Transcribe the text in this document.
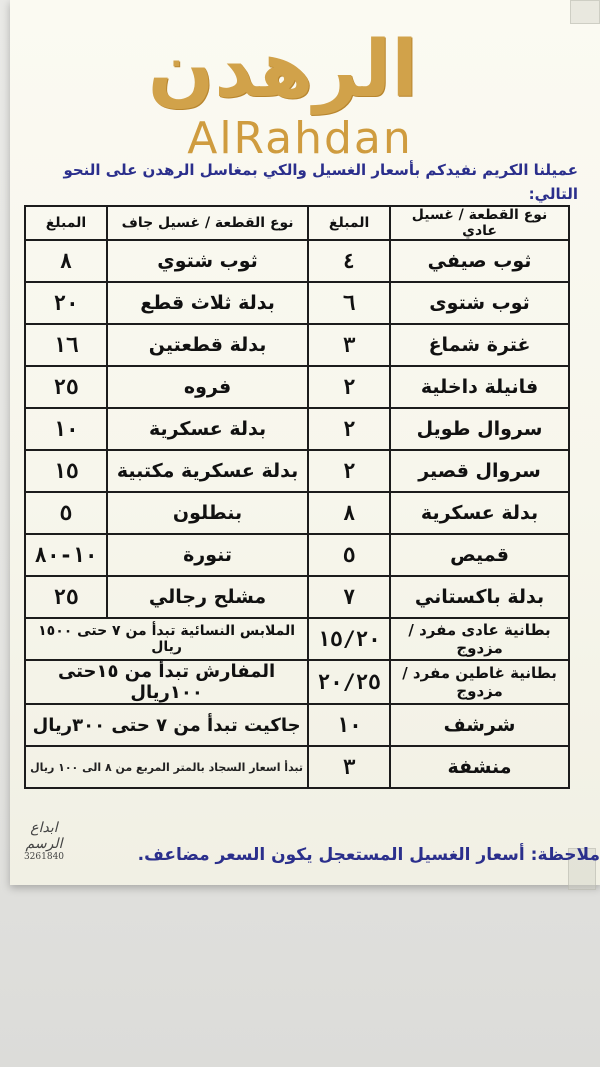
الرهدن
AlRahdan
عميلنا الكريم نفيدكم بأسعار الغسيل والكي بمغاسل الرهدن على النحو التالي:
نوع القطعة / غسيل عادي	المبلغ	نوع القطعة / غسيل جاف	المبلغ
ثوب صيفي	٤	ثوب شتوي	٨
ثوب شتوى	٦	بدلة ثلاث قطع	٢٠
غترة شماغ	٣	بدلة قطعتين	١٦
فانيلة داخلية	٢	فروه	٢٥
سروال طويل	٢	بدلة عسكرية	١٠
سروال قصير	٢	بدلة عسكرية مكتبية	١٥
بدلة عسكرية	٨	بنطلون	٥
قميص	٥	تنورة	١٠-٨٠
بدلة باكستاني	٧	مشلح رجالي	٢٥
بطانية عادى مفرد / مزدوج	١٥/٢٠	الملابس النسائية تبدأ من ٧ حتى ١٥٠٠ ريال	
بطانية غاطين مفرد / مزدوج	٢٠/٢٥	المفارش تبدأ من ١٥حتى ١٠٠ريال	
شرشف	١٠	جاكيت تبدأ من ٧ حتى ٣٠٠ريال	
منشفة	٣	تبدأ اسعار السجاد بالمتر المربع من ٨ الى ١٠٠ ريال	
ابداع الرسم
3261840	ملاحظة: أسعار الغسيل المستعجل يكون السعر مضاعف.
